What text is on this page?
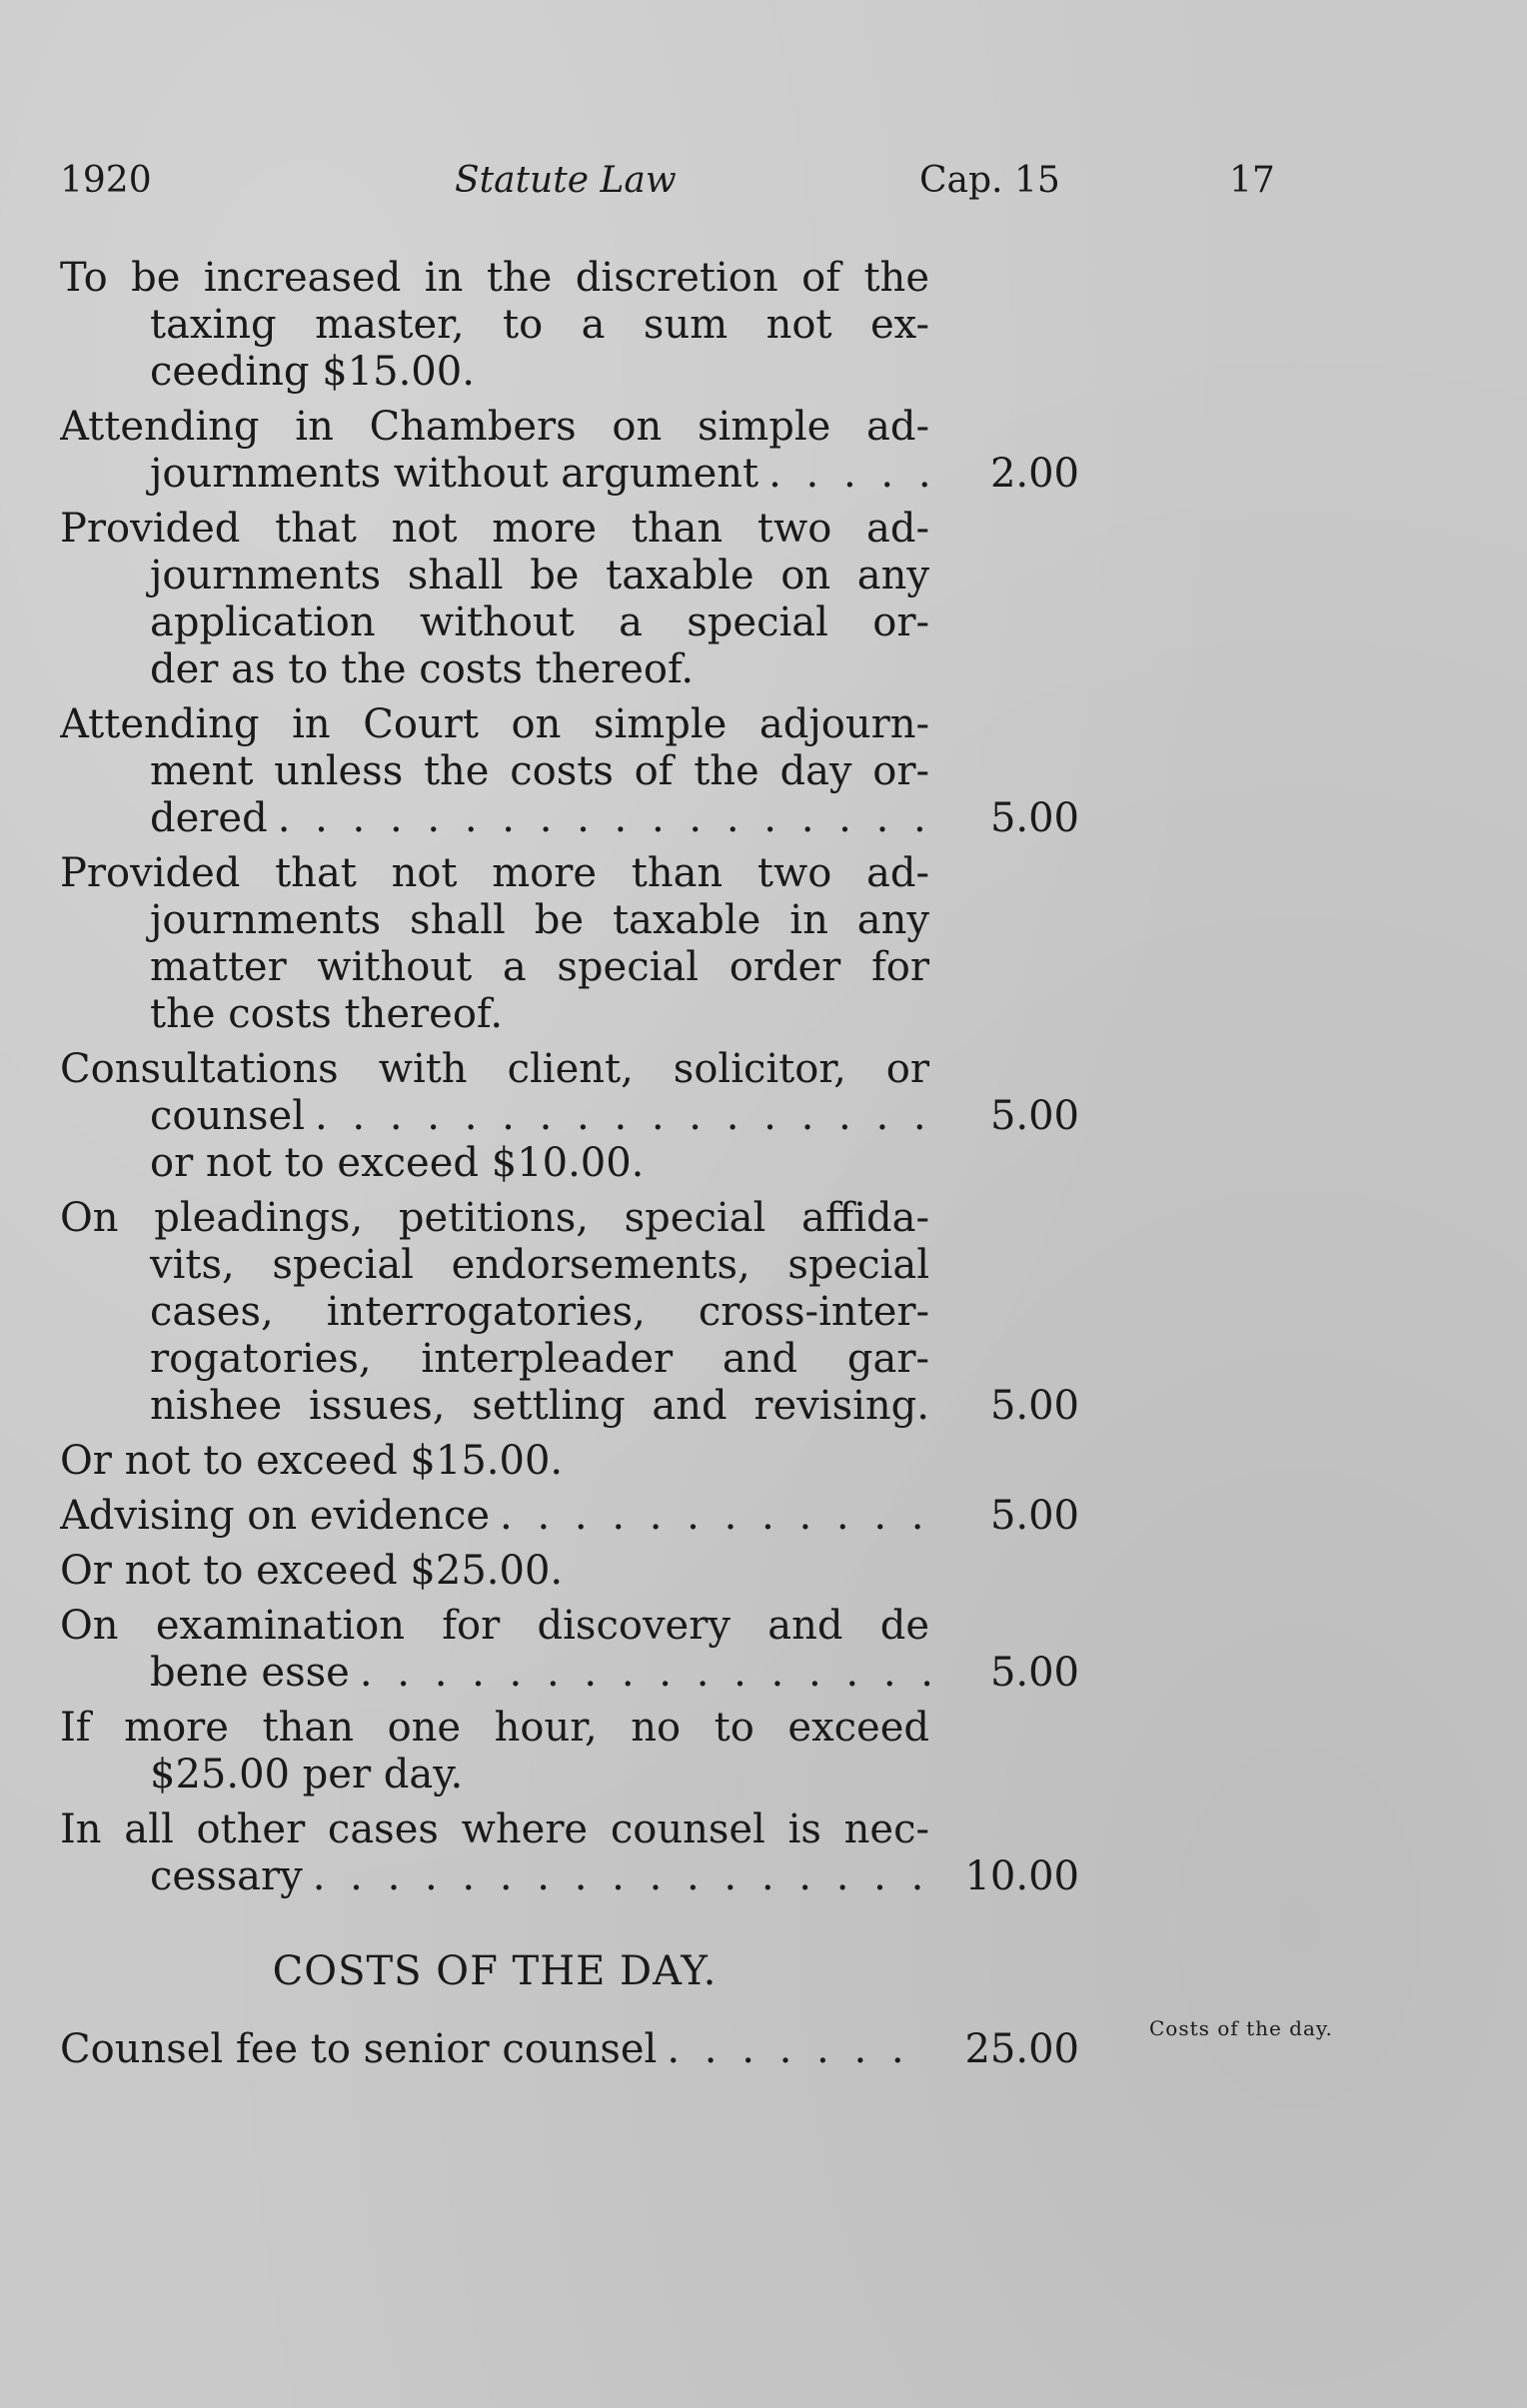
1920	Statute Law	Cap. 15	17
To be increased in the discretion of the
taxing master, to a sum not ex-
ceeding $15.00.
Attending in Chambers on simple ad-
journments without argument . . .	2.00
Provided that not more than two ad-
journments shall be taxable on any
application without a special or-
der as to the costs thereof.
Attending in Court on simple adjourn-
ment unless the costs of the day or-
dered . . .	5.00
Provided that not more than two ad-
journments shall be taxable in any
matter without a special order for
the costs thereof.
Consultations with client, solicitor, or
counsel . . .	5.00
or not to exceed $10.00.
On pleadings, petitions, special affida-
vits, special endorsements, special
cases, interrogatories, cross-inter-
rogatories, interpleader and gar-
nishee issues, settling and revising.	5.00
Or not to exceed $15.00.
Advising on evidence . . .	5.00
Or not to exceed $25.00.
On examination for discovery and de
bene esse . . .	5.00
If more than one hour, no to exceed
$25.00 per day.
In all other cases where counsel is nec-
cessary . . .	10.00
COSTS OF THE DAY.
Counsel fee to senior counsel . . .	25.00	Costs of the day.
